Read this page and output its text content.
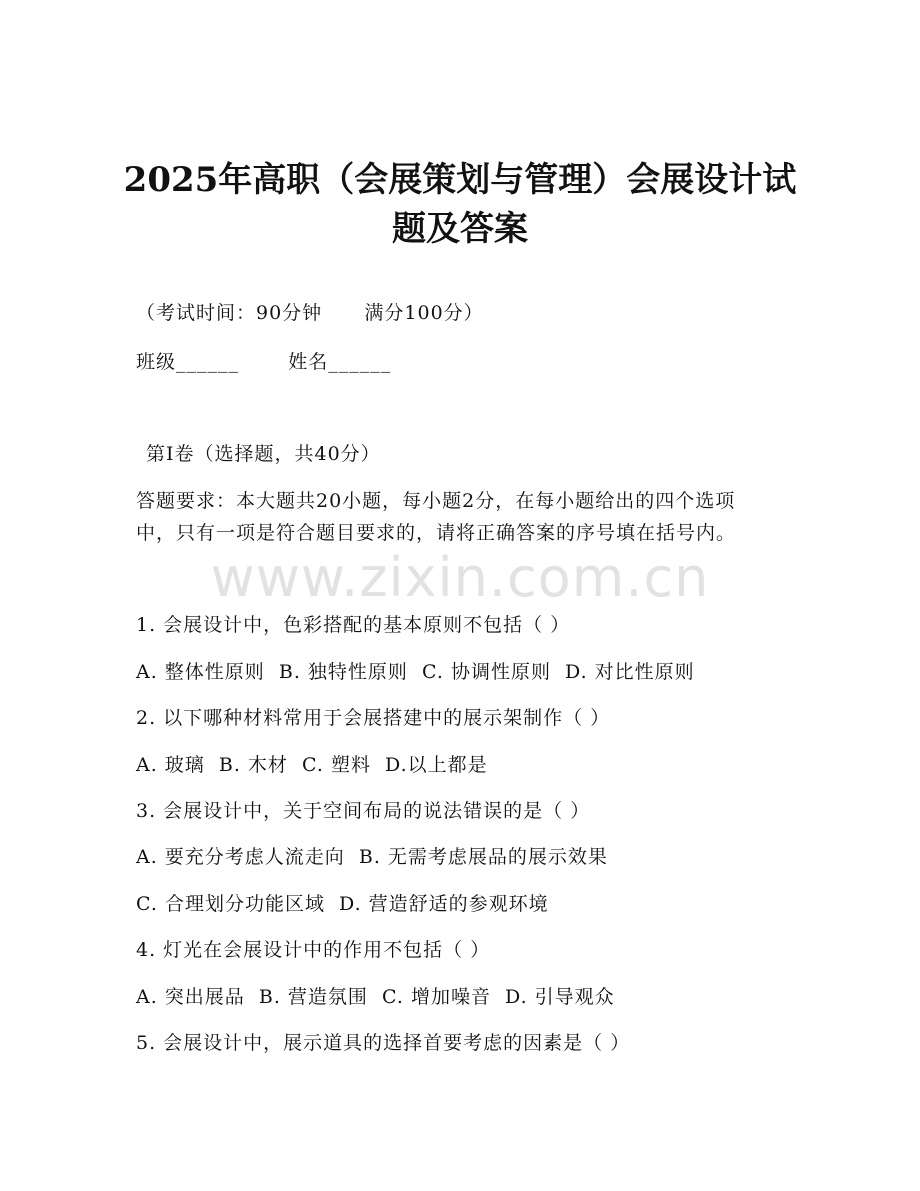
2025年高职（会展策划与管理）会展设计试
题及答案
（考试时间：90分钟      满分100分）
班级______       姓名______
第Ⅰ卷（选择题，共40分）
答题要求：本大题共20小题，每小题2分，在每小题给出的四个选项
中，只有一项是符合题目要求的，请将正确答案的序号填在括号内。
www.zixin.com.cn
1. 会展设计中，色彩搭配的基本原则不包括（ ）
A. 整体性原则  B. 独特性原则  C. 协调性原则  D. 对比性原则
2. 以下哪种材料常用于会展搭建中的展示架制作（ ）
A. 玻璃  B. 木材  C. 塑料  D.以上都是
3. 会展设计中，关于空间布局的说法错误的是（ ）
A. 要充分考虑人流走向  B. 无需考虑展品的展示效果
C. 合理划分功能区域  D. 营造舒适的参观环境
4. 灯光在会展设计中的作用不包括（ ）
A. 突出展品  B. 营造氛围  C. 增加噪音  D. 引导观众
5. 会展设计中，展示道具的选择首要考虑的因素是（ ）
